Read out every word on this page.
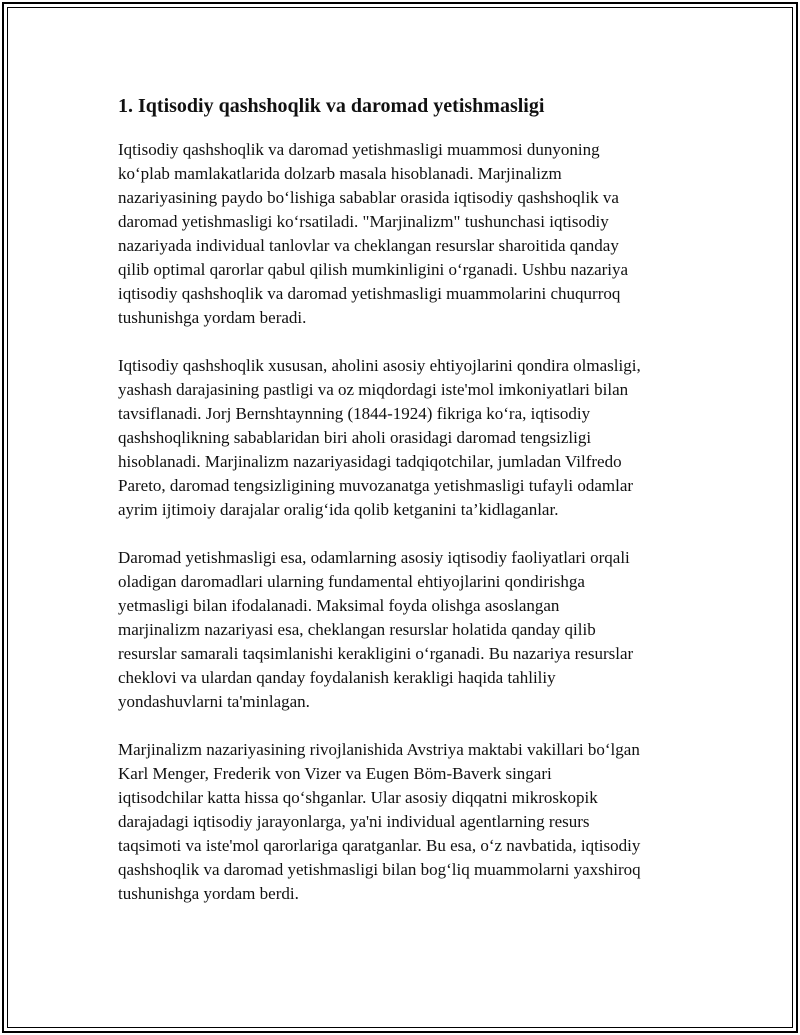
1. Iqtisodiy qashshoqlik va daromad yetishmasligi

Iqtisodiy qashshoqlik va daromad yetishmasligi muammosi dunyoning
ko‘plab mamlakatlarida dolzarb masala hisoblanadi. Marjinalizm
nazariyasining paydo bo‘lishiga sabablar orasida iqtisodiy qashshoqlik va
daromad yetishmasligi ko‘rsatiladi. "Marjinalizm" tushunchasi iqtisodiy
nazariyada individual tanlovlar va cheklangan resurslar sharoitida qanday
qilib optimal qarorlar qabul qilish mumkinligini o‘rganadi. Ushbu nazariya
iqtisodiy qashshoqlik va daromad yetishmasligi muammolarini chuqurroq
tushunishga yordam beradi.

Iqtisodiy qashshoqlik xususan, aholini asosiy ehtiyojlarini qondira olmasligi,
yashash darajasining pastligi va oz miqdordagi iste'mol imkoniyatlari bilan
tavsiflanadi. Jorj Bernshtaynning (1844-1924) fikriga ko‘ra, iqtisodiy
qashshoqlikning sabablaridan biri aholi orasidagi daromad tengsizligi
hisoblanadi. Marjinalizm nazariyasidagi tadqiqotchilar, jumladan Vilfredo
Pareto, daromad tengsizligining muvozanatga yetishmasligi tufayli odamlar
ayrim ijtimoiy darajalar oralig‘ida qolib ketganini ta’kidlaganlar.

Daromad yetishmasligi esa, odamlarning asosiy iqtisodiy faoliyatlari orqali
oladigan daromadlari ularning fundamental ehtiyojlarini qondirishga
yetmasligi bilan ifodalanadi. Maksimal foyda olishga asoslangan
marjinalizm nazariyasi esa, cheklangan resurslar holatida qanday qilib
resurslar samarali taqsimlanishi kerakligini o‘rganadi. Bu nazariya resurslar
cheklovi va ulardan qanday foydalanish kerakligi haqida tahliliy
yondashuvlarni ta'minlagan.

Marjinalizm nazariyasining rivojlanishida Avstriya maktabi vakillari bo‘lgan
Karl Menger, Frederik von Vizer va Eugen Böm-Baverk singari
iqtisodchilar katta hissa qo‘shganlar. Ular asosiy diqqatni mikroskopik
darajadagi iqtisodiy jarayonlarga, ya'ni individual agentlarning resurs
taqsimoti va iste'mol qarorlariga qaratganlar. Bu esa, o‘z navbatida, iqtisodiy
qashshoqlik va daromad yetishmasligi bilan bog‘liq muammolarni yaxshiroq
tushunishga yordam berdi.
